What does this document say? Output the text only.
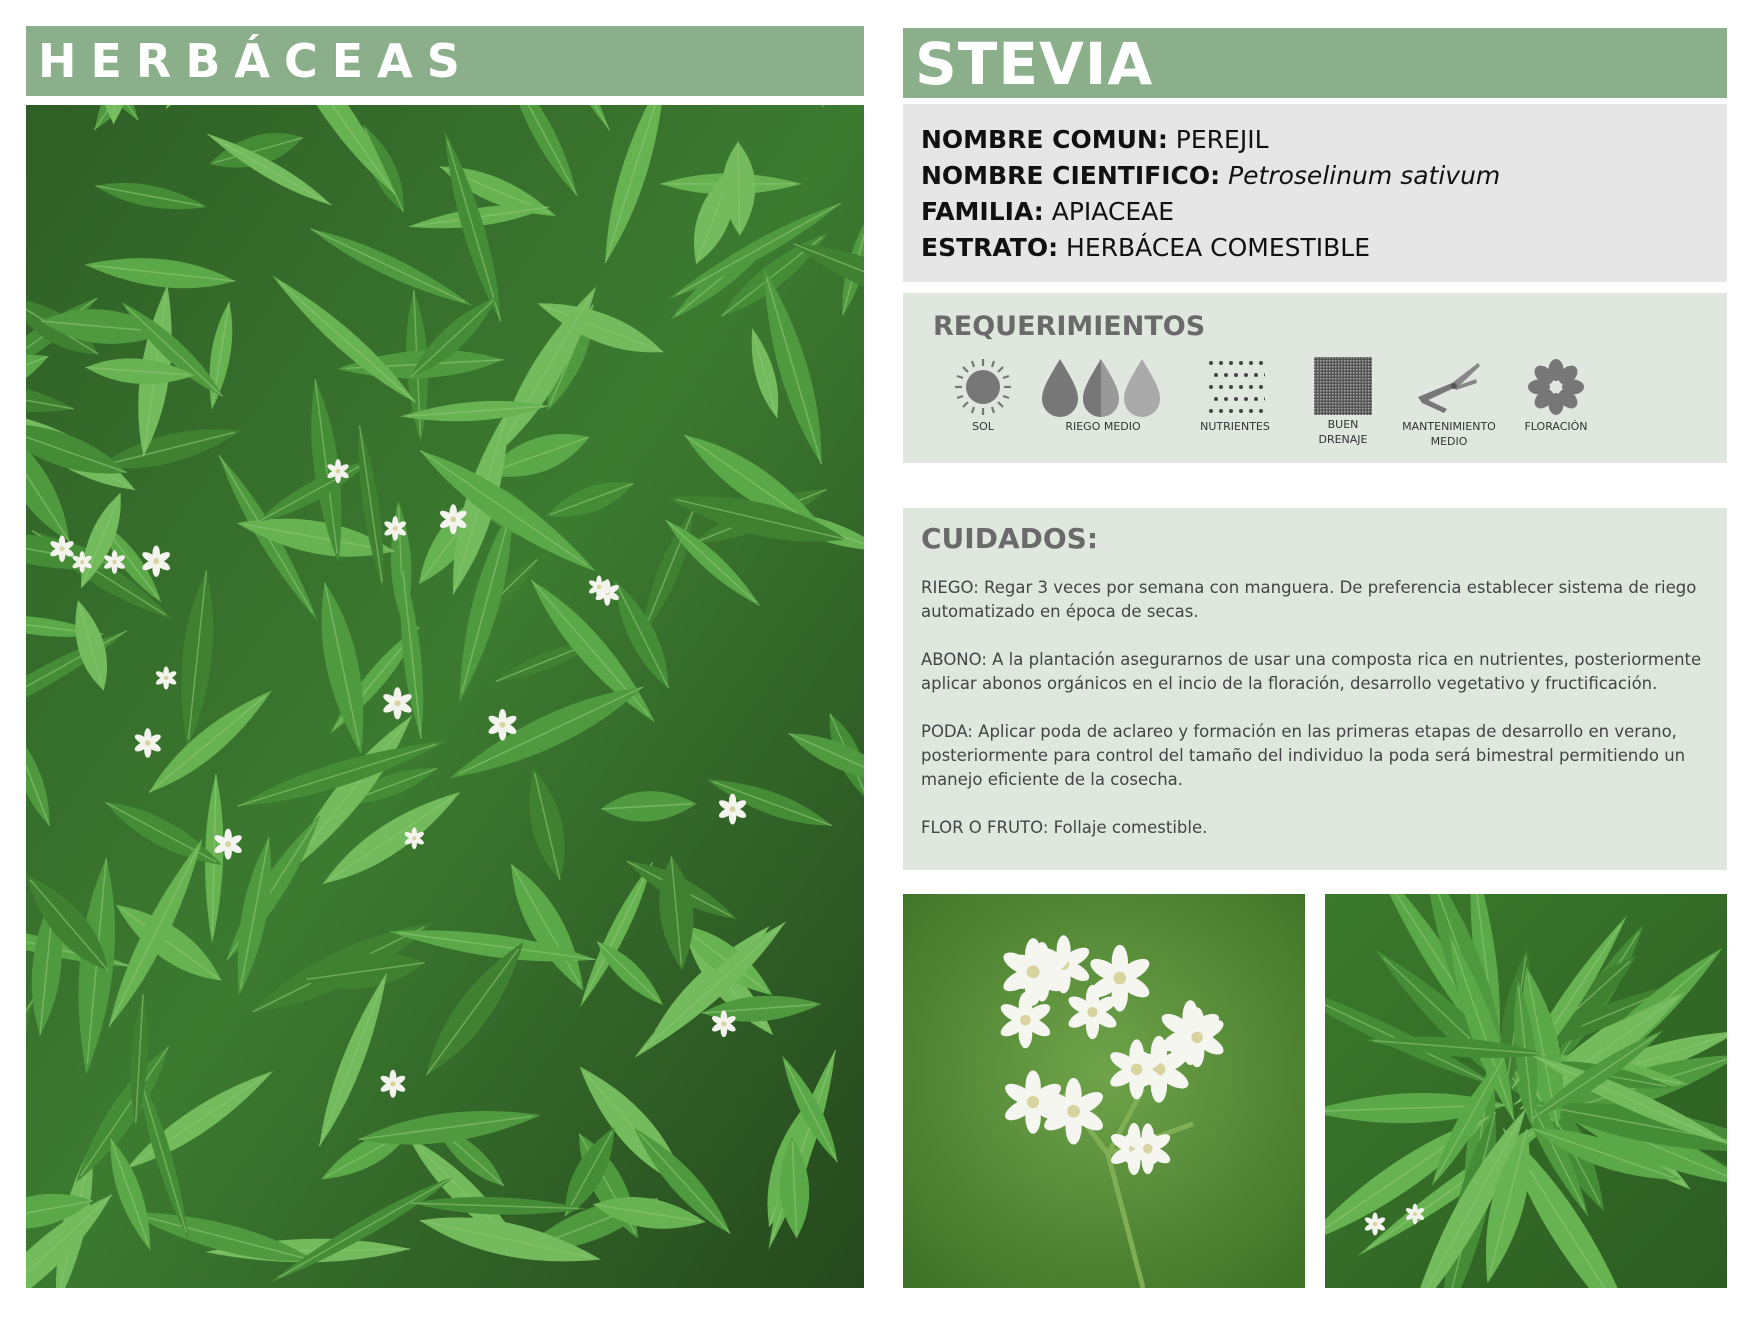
HERBÁCEAS	STEVIA
NOMBRE COMUN: PEREJIL
NOMBRE CIENTIFICO: Petroselinum sativum
FAMILIA: APIACEAE
ESTRATO: HERBÁCEA COMESTIBLE
REQUERIMIENTOS
SOL	RIEGO MEDIO	NUTRIENTES	BUEN
DRENAJE
MANTENIMIENTO
MEDIO
FLORACIÓN
CUIDADOS:

RIEGO: Regar 3 veces por semana con manguera. De preferencia establecer sistema de riego automatizado en época de secas.

ABONO: A la plantación asegurarnos de usar una composta rica en nutrientes, posteriormente aplicar abonos orgánicos en el incio de la floración, desarrollo vegetativo y fructificación.

PODA: Aplicar poda de aclareo y formación en las primeras etapas de desarrollo en verano, posteriormente para control del tamaño del individuo la poda será bimestral permitiendo un manejo eficiente de la cosecha.

FLOR O FRUTO: Follaje comestible.
